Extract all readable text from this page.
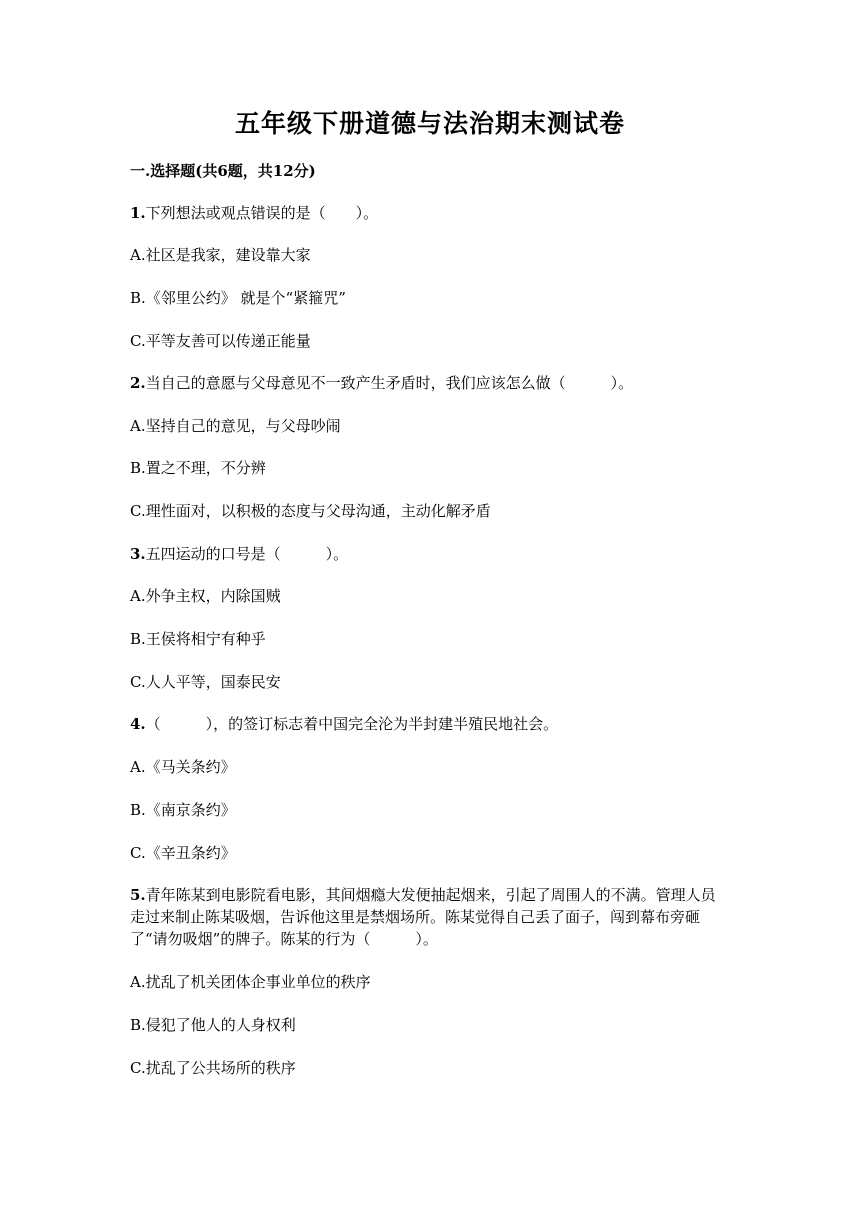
五年级下册道德与法治期末测试卷
一.选择题(共6题，共12分)

1.下列想法或观点错误的是（　　）。

A.社区是我家，建设靠大家

B.《邻里公约》 就是个“紧箍咒”

C.平等友善可以传递正能量

2.当自己的意愿与父母意见不一致产生矛盾时，我们应该怎么做（　　　）。

A.坚持自己的意见，与父母吵闹

B.置之不理，不分辨

C.理性面对，以积极的态度与父母沟通，主动化解矛盾

3.五四运动的口号是（　　　）。

A.外争主权，内除国贼

B.王侯将相宁有种乎

C.人人平等，国泰民安

4.（　　　），的签订标志着中国完全沦为半封建半殖民地社会。

A.《马关条约》

B.《南京条约》

C.《辛丑条约》

5.青年陈某到电影院看电影，其间烟瘾大发便抽起烟来，引起了周围人的不满。管理人员走过来制止陈某吸烟，告诉他这里是禁烟场所。陈某觉得自己丢了面子，闯到幕布旁砸了“请勿吸烟”的牌子。陈某的行为（　　　）。

A.扰乱了机关团体企事业单位的秩序

B.侵犯了他人的人身权利

C.扰乱了公共场所的秩序
